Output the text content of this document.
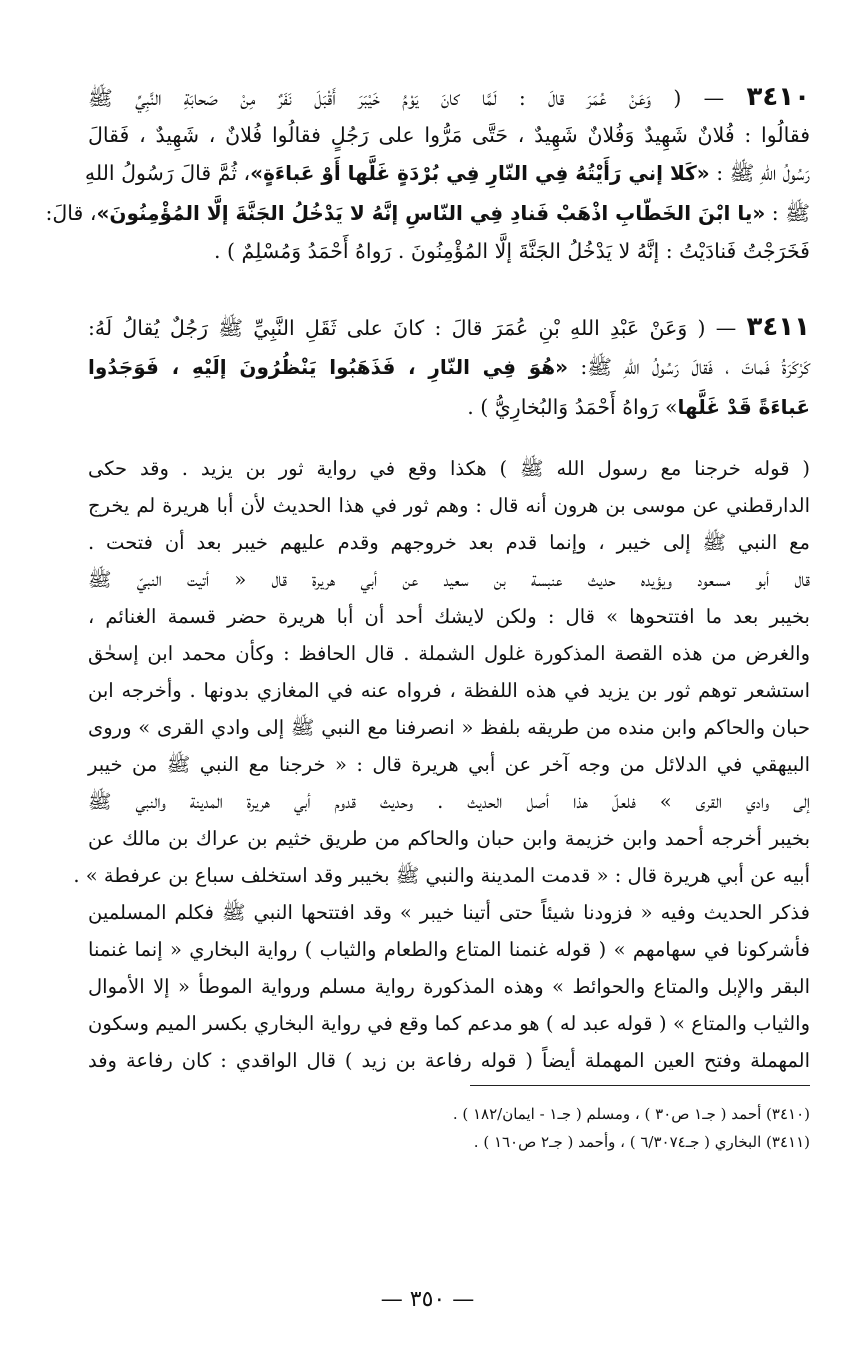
٣٤١٠ — ( وَعَنْ عُمَرَ قالَ : لَمَّا كانَ يَوْمُ خَيْبَرَ أَقْبَلَ نَفَرٌ مِنْ صَحابَةِ النَّبِيِّ ﷺ
فقالُوا : فُلانٌ شَهِيدٌ وَفُلانٌ شَهِيدٌ ، حَتَّى مَرُّوا على رَجُلٍ فقالُوا فُلانٌ ، شَهِيدٌ ، فَقالَ
رَسُولُ اللهِ ﷺ : «كَلا إني رَأَيْتُهُ فِي النّارِ فِي بُرْدَةٍ غَلَّها أَوْ عَباءَةٍ»، ثُمَّ قالَ رَسُولُ اللهِ
ﷺ : «يا ابْنَ الخَطّابِ اذْهَبْ فَنادِ فِي النّاسِ إنَّهُ لا يَدْخُلُ الجَنَّةَ إلَّا المُؤْمِنُونَ»، قالَ:
فَخَرَجْتُ فَنادَيْتُ : إنَّهُ لا يَدْخُلُ الجَنَّةَ إلَّا المُؤْمِنُونَ . رَواهُ أَحْمَدُ وَمُسْلِمٌ ) .
٣٤١١ — ( وَعَنْ عَبْدِ اللهِ بْنِ عُمَرَ قالَ : كانَ على ثَقَلِ النَّبِيِّ ﷺ رَجُلٌ يُقالُ لَهُ:
كَرْكَرَةُ فَماتَ ، فَقالَ رَسُولُ اللهِ ﷺ: «هُوَ فِي النّارِ ، فَذَهَبُوا يَنْظُرُونَ إلَيْهِ ، فَوَجَدُوا
عَباءَةً قَدْ غَلَّها» رَواهُ أَحْمَدُ وَالبُخارِيُّ ) .
( قوله خرجنا مع رسول الله ﷺ ) هكذا وقع في رواية ثور بن يزيد . وقد حكى
الدارقطني عن موسى بن هرون أنه قال : وهم ثور في هذا الحديث لأن أبا هريرة لم يخرج
مع النبي ﷺ إلى خيبر ، وإنما قدم بعد خروجهم وقدم عليهم خيبر بعد أن فتحت .
قال أبو مسعود ويؤيده حديث عنبسة بن سعيد عن أبي هريرة قال « أتيت النبيّ ﷺ
بخيبر بعد ما افتتحوها » قال : ولكن لايشك أحد أن أبا هريرة حضر قسمة الغنائم ،
والغرض من هذه القصة المذكورة غلول الشملة . قال الحافظ : وكأن محمد ابن إسحٰق
استشعر توهم ثور بن يزيد في هذه اللفظة ، فرواه عنه في المغازي بدونها . وأخرجه ابن
حبان والحاكم وابن منده من طريقه بلفظ « انصرفنا مع النبي ﷺ إلى وادي القرى » وروى
البيهقي في الدلائل من وجه آخر عن أبي هريرة قال : « خرجنا مع النبي ﷺ من خيبر
إلى وادي القرى » فلعلّ هذا أصل الحديث . وحديث قدوم أبي هريرة المدينة والنبي ﷺ
بخيبر أخرجه أحمد وابن خزيمة وابن حبان والحاكم من طريق خثيم بن عراك بن مالك عن
أبيه عن أبي هريرة قال : « قدمت المدينة والنبي ﷺ بخيبر وقد استخلف سباع بن عرفطة » .
فذكر الحديث وفيه « فزودنا شيئاً حتى أتينا خيبر » وقد افتتحها النبي ﷺ فكلم المسلمين
فأشركونا في سهامهم » ( قوله غنمنا المتاع والطعام والثياب ) رواية البخاري « إنما غنمنا
البقر والإبل والمتاع والحوائط » وهذه المذكورة رواية مسلم ورواية الموطأ « إلا الأموال
والثياب والمتاع » ( قوله عبد له ) هو مدعم كما وقع في رواية البخاري بكسر الميم وسكون
المهملة وفتح العين المهملة أيضاً ( قوله رفاعة بن زيد ) قال الواقدي : كان رفاعة وفد
(٣٤١٠) أحمد ( جـ١ ص٣٠ ) ، ومسلم ( جـ١ - ايمان/١٨٢ ) .
(٣٤١١) البخاري ( جـ٦/٣٠٧٤ ) ، وأحمد ( جـ٢ ص١٦٠ ) .
— ٣٥٠ —
